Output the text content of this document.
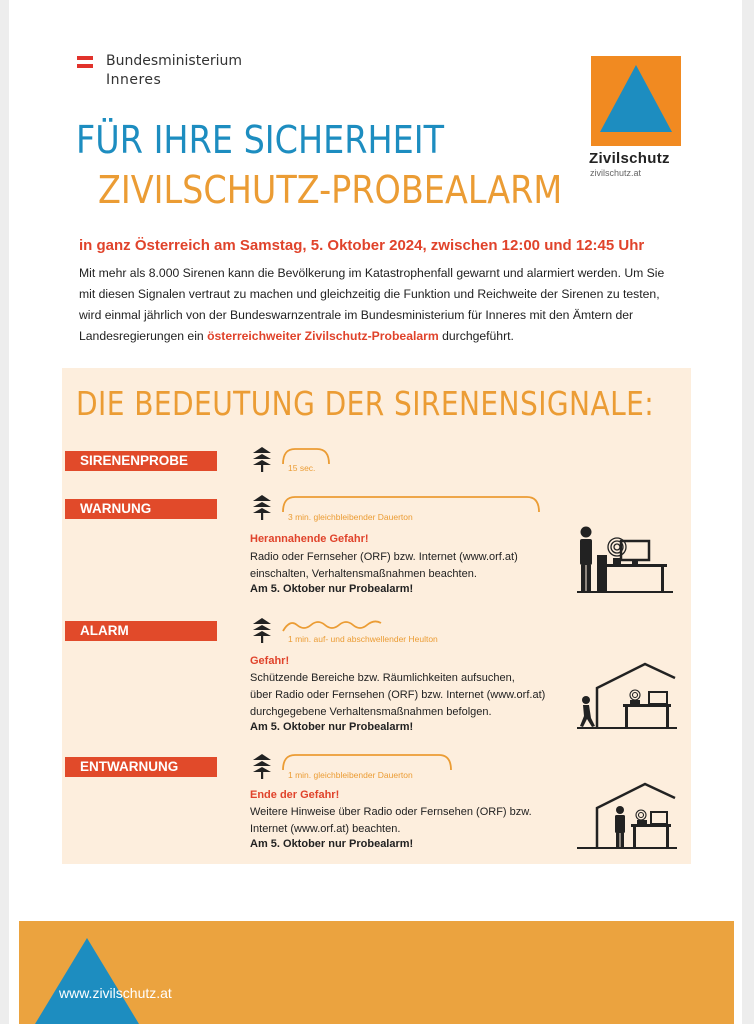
Bundesministerium
Inneres
Zivilschutz
zivilschutz.at
FÜR IHRE SICHERHEIT
ZIVILSCHUTZ-PROBEALARM
in ganz Österreich am Samstag, 5. Oktober 2024, zwischen 12:00 und 12:45 Uhr
Mit mehr als 8.000 Sirenen kann die Bevölkerung im Katastrophenfall gewarnt und alarmiert werden. Um Sie mit diesen Signalen vertraut zu machen und gleichzeitig die Funktion und Reichweite der Sirenen zu testen, wird einmal jährlich von der Bundeswarnzentrale im Bundesministerium für Inneres mit den Ämtern der Landesregierungen ein österreichweiter Zivilschutz-Probealarm durchgeführt.
DIE BEDEUTUNG DER SIRENENSIGNALE:
SIRENENPROBE	15 sec.
WARNUNG
3 min. gleichbleibender Dauerton
Herannahende Gefahr!
Radio oder Fernseher (ORF) bzw. Internet (www.orf.at)
einschalten, Verhaltensmaßnahmen beachten.
Am 5. Oktober nur Probealarm!
ALARM
1 min. auf- und abschwellender Heulton
Gefahr!
Schützende Bereiche bzw. Räumlichkeiten aufsuchen,
über Radio oder Fernsehen (ORF) bzw. Internet (www.orf.at)
durchgegebene Verhaltensmaßnahmen befolgen.
Am 5. Oktober nur Probealarm!
ENTWARNUNG
1 min. gleichbleibender Dauerton
Ende der Gefahr!
Weitere Hinweise über Radio oder Fernsehen (ORF) bzw.
Internet (www.orf.at) beachten.
Am 5. Oktober nur Probealarm!
www.zivilschutz.at
